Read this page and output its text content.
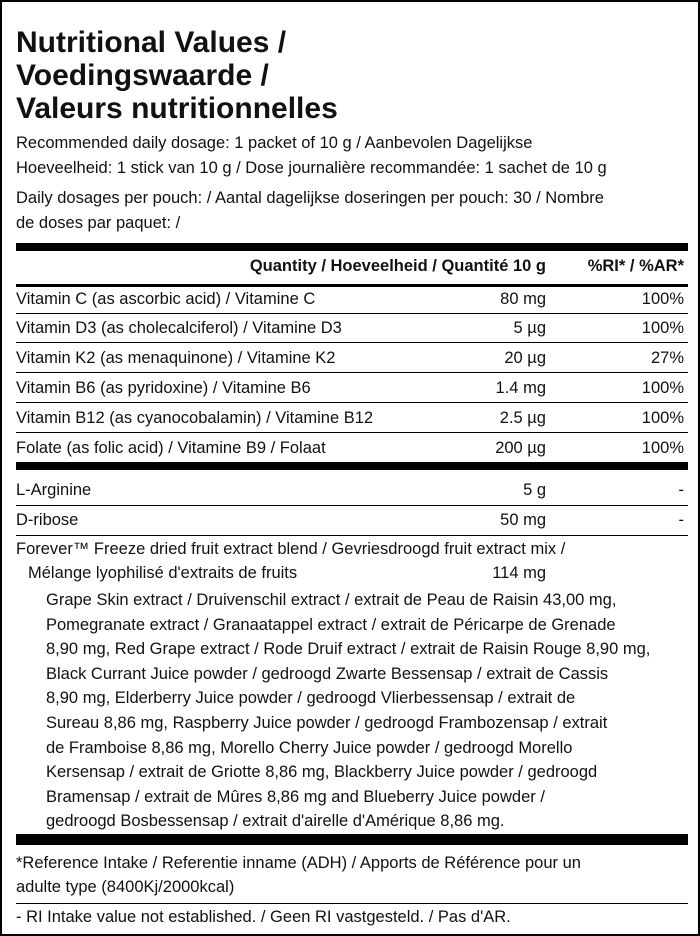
Nutritional Values /
Voedingswaarde /
Valeurs nutritionnelles
Recommended daily dosage: 1 packet of 10 g / Aanbevolen Dagelijkse
Hoeveelheid: 1 stick van 10 g / Dose journalière recommandée: 1 sachet de 10 g
Daily dosages per pouch: / Aantal dagelijkse doseringen per pouch: 30 / Nombre
de doses par paquet: /
Quantity / Hoeveelheid / Quantité 10 g	%RI* / %AR*
Vitamin C (as ascorbic acid) / Vitamine C	80 mg	100%
Vitamin D3 (as cholecalciferol) / Vitamine D3	5 µg	100%
Vitamin K2 (as menaquinone) / Vitamine K2	20 µg	27%
Vitamin B6 (as pyridoxine) / Vitamine B6	1.4 mg	100%
Vitamin B12 (as cyanocobalamin) / Vitamine B12	2.5 µg	100%
Folate (as folic acid) / Vitamine B9 / Folaat	200 µg	100%
L-Arginine	5 g	-
D-ribose	50 mg	-
Forever™ Freeze dried fruit extract blend / Gevriesdroogd fruit extract mix /
Mélange lyophilisé d'extraits de fruits	114 mg
Grape Skin extract / Druivenschil extract / extrait de Peau de Raisin 43,00 mg,
Pomegranate extract / Granaatappel extract / extrait de Péricarpe de Grenade
8,90 mg, Red Grape extract / Rode Druif extract / extrait de Raisin Rouge 8,90 mg,
Black Currant Juice powder / gedroogd Zwarte Bessensap / extrait de Cassis
8,90 mg, Elderberry Juice powder / gedroogd Vlierbessensap / extrait de
Sureau 8,86 mg, Raspberry Juice powder / gedroogd Frambozensap / extrait
de Framboise 8,86 mg, Morello Cherry Juice powder / gedroogd Morello
Kersensap / extrait de Griotte 8,86 mg, Blackberry Juice powder / gedroogd
Bramensap / extrait de Mûres 8,86 mg and Blueberry Juice powder /
gedroogd Bosbessensap / extrait d'airelle d'Amérique 8,86 mg.
*Reference Intake / Referentie inname (ADH) / Apports de Référence pour un
adulte type (8400Kj/2000kcal)
- RI Intake value not established. / Geen RI vastgesteld. / Pas d'AR.
